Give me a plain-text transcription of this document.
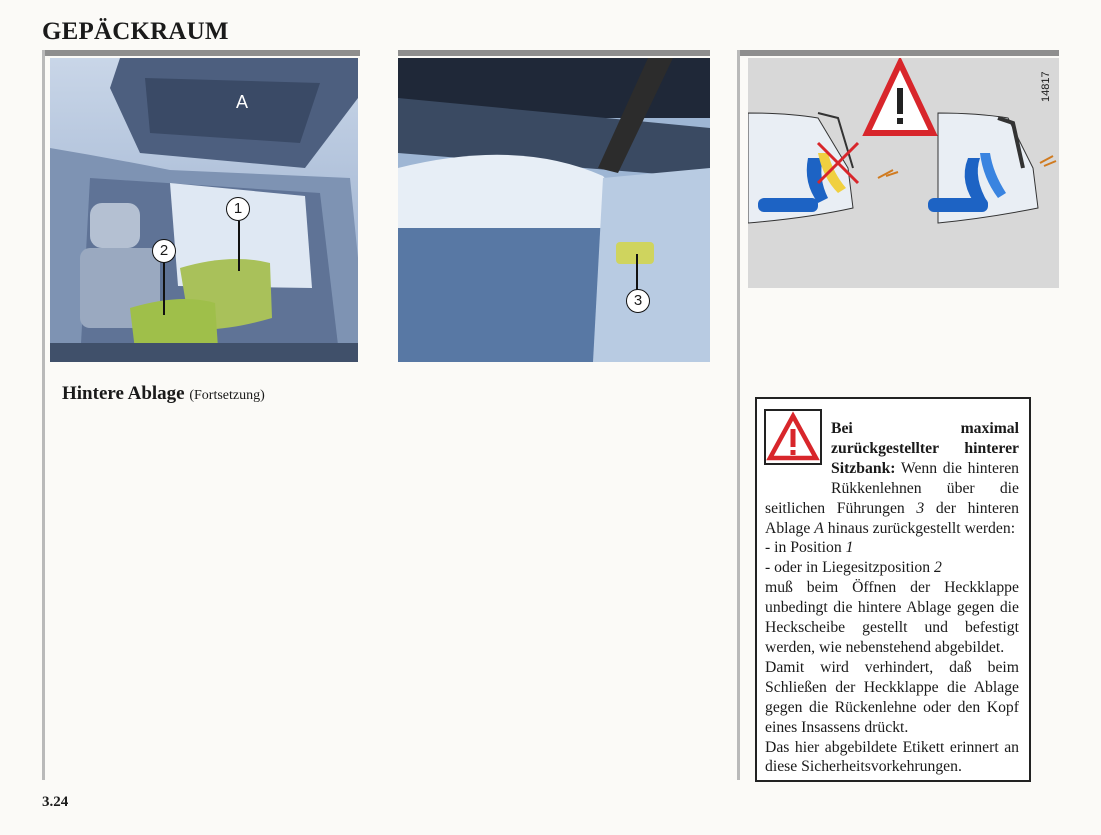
GEPÄCKRAUM
A
1
2
3
14817
Hintere Ablage (Fortsetzung)

Bei maximal zurückgestellter hinterer Sitzbank: Wenn die hinteren Rükkenlehnen über die seitlichen Führungen 3 der hinteren Ablage A hinaus zurückgestellt werden:
- in Position 1
- oder in Liegesitzposition 2
muß beim Öffnen der Heckklappe unbedingt die hintere Ablage gegen die Heckscheibe gestellt und befestigt werden, wie nebenstehend abgebildet.
Damit wird verhindert, daß beim Schließen der Heckklappe die Ablage gegen die Rückenlehne oder den Kopf eines Insassens drückt.
Das hier abgebildete Etikett erinnert an diese Sicherheitsvorkehrungen.

3.24
